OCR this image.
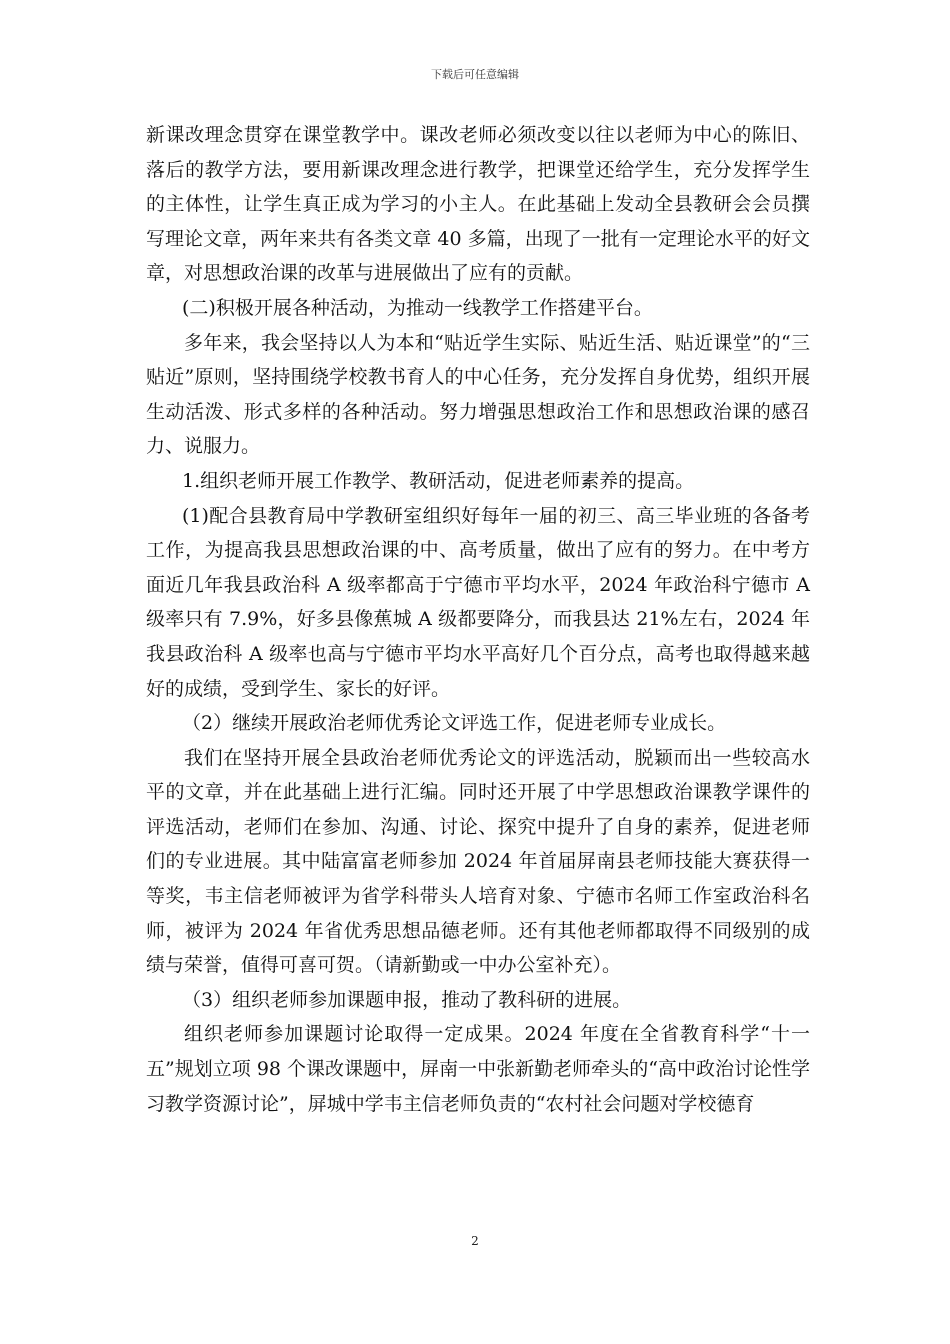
下载后可任意编辑

新课改理念贯穿在课堂教学中。课改老师必须改变以往以老师为中心的陈旧、落后的教学方法，要用新课改理念进行教学，把课堂还给学生，充分发挥学生的主体性，让学生真正成为学习的小主人。在此基础上发动全县教研会会员撰写理论文章，两年来共有各类文章 40 多篇，出现了一批有一定理论水平的好文章，对思想政治课的改革与进展做出了应有的贡献。

(二)积极开展各种活动，为推动一线教学工作搭建平台。

多年来，我会坚持以人为本和“贴近学生实际、贴近生活、贴近课堂”的“三贴近”原则，坚持围绕学校教书育人的中心任务，充分发挥自身优势，组织开展生动活泼、形式多样的各种活动。努力增强思想政治工作和思想政治课的感召力、说服力。

1.组织老师开展工作教学、教研活动，促进老师素养的提高。

(1)配合县教育局中学教研室组织好每年一届的初三、高三毕业班的各备考工作，为提高我县思想政治课的中、高考质量，做出了应有的努力。在中考方面近几年我县政治科 A 级率都高于宁德市平均水平，2024 年政治科宁德市 A 级率只有 7.9%，好多县像蕉城 A 级都要降分，而我县达 21%左右，2024 年我县政治科 A 级率也高与宁德市平均水平高好几个百分点，高考也取得越来越好的成绩，受到学生、家长的好评。

（2）继续开展政治老师优秀论文评选工作，促进老师专业成长。

我们在坚持开展全县政治老师优秀论文的评选活动，脱颖而出一些较高水平的文章，并在此基础上进行汇编。同时还开展了中学思想政治课教学课件的评选活动，老师们在参加、沟通、讨论、探究中提升了自身的素养，促进老师们的专业进展。其中陆富富老师参加 2024 年首届屏南县老师技能大赛获得一等奖，韦主信老师被评为省学科带头人培育对象、宁德市名师工作室政治科名师，被评为 2024 年省优秀思想品德老师。还有其他老师都取得不同级别的成绩与荣誉，值得可喜可贺。（请新勤或一中办公室补充）。

（3）组织老师参加课题申报，推动了教科研的进展。

组织老师参加课题讨论取得一定成果。2024 年度在全省教育科学“十一五”规划立项 98 个课改课题中，屏南一中张新勤老师牵头的“高中政治讨论性学习教学资源讨论”，屏城中学韦主信老师负责的“农村社会问题对学校德育

2
